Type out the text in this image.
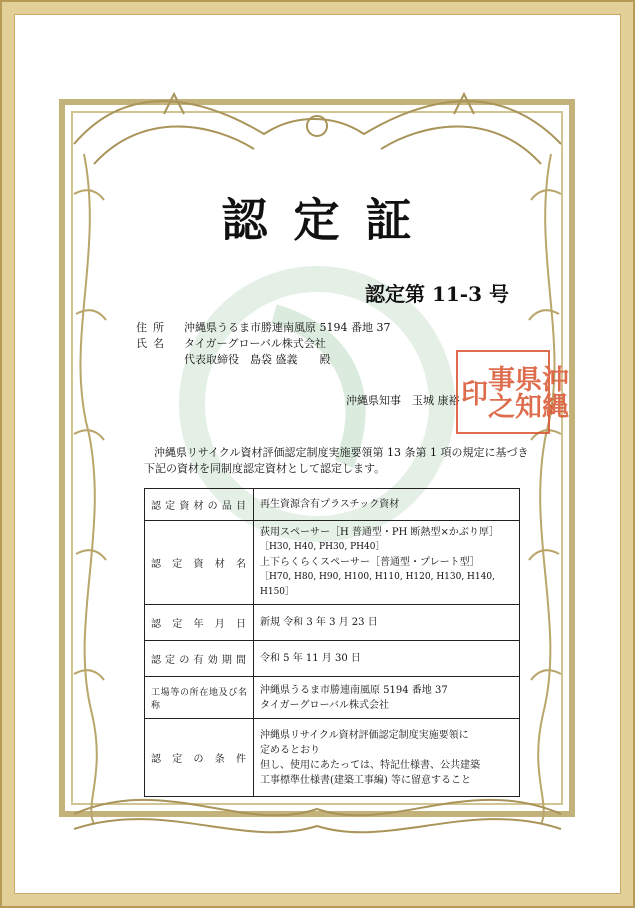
認定証
認定第 11-3 号
住所	沖縄県うるま市勝連南風原 5194 番地 37
氏名	タイガーグローバル株式会社
代表取締役　島袋 盛義　　殿
沖縄県知事　玉城 康裕	沖縄
県知
事之
印
沖縄県リサイクル資材評価認定制度実施要領第 13 条第 1 項の規定に基づき下記の資材を同制度認定資材として認定します。
認定資材の品目	再生資源含有プラスチック資材

認定資材名	荻用スペーサー［H 普通型・PH 断熱型×かぶり厚］
［H30, H40, PH30, PH40］
上下らくらくスペーサー［普通型・プレート型］
［H70, H80, H90, H100, H110, H120, H130, H140, H150］

認定年月日	新規 令和 3 年 3 月 23 日

認定の有効期間	令和 5 年 11 月 30 日

工場等の所在地及び名称	沖縄県うるま市勝連南風原 5194 番地 37
タイガーグローバル株式会社

認定の条件	沖縄県リサイクル資材評価認定制度実施要領に
定めるとおり
但し、使用にあたっては、特記仕様書、公共建築
工事標準仕様書(建築工事編) 等に留意すること
